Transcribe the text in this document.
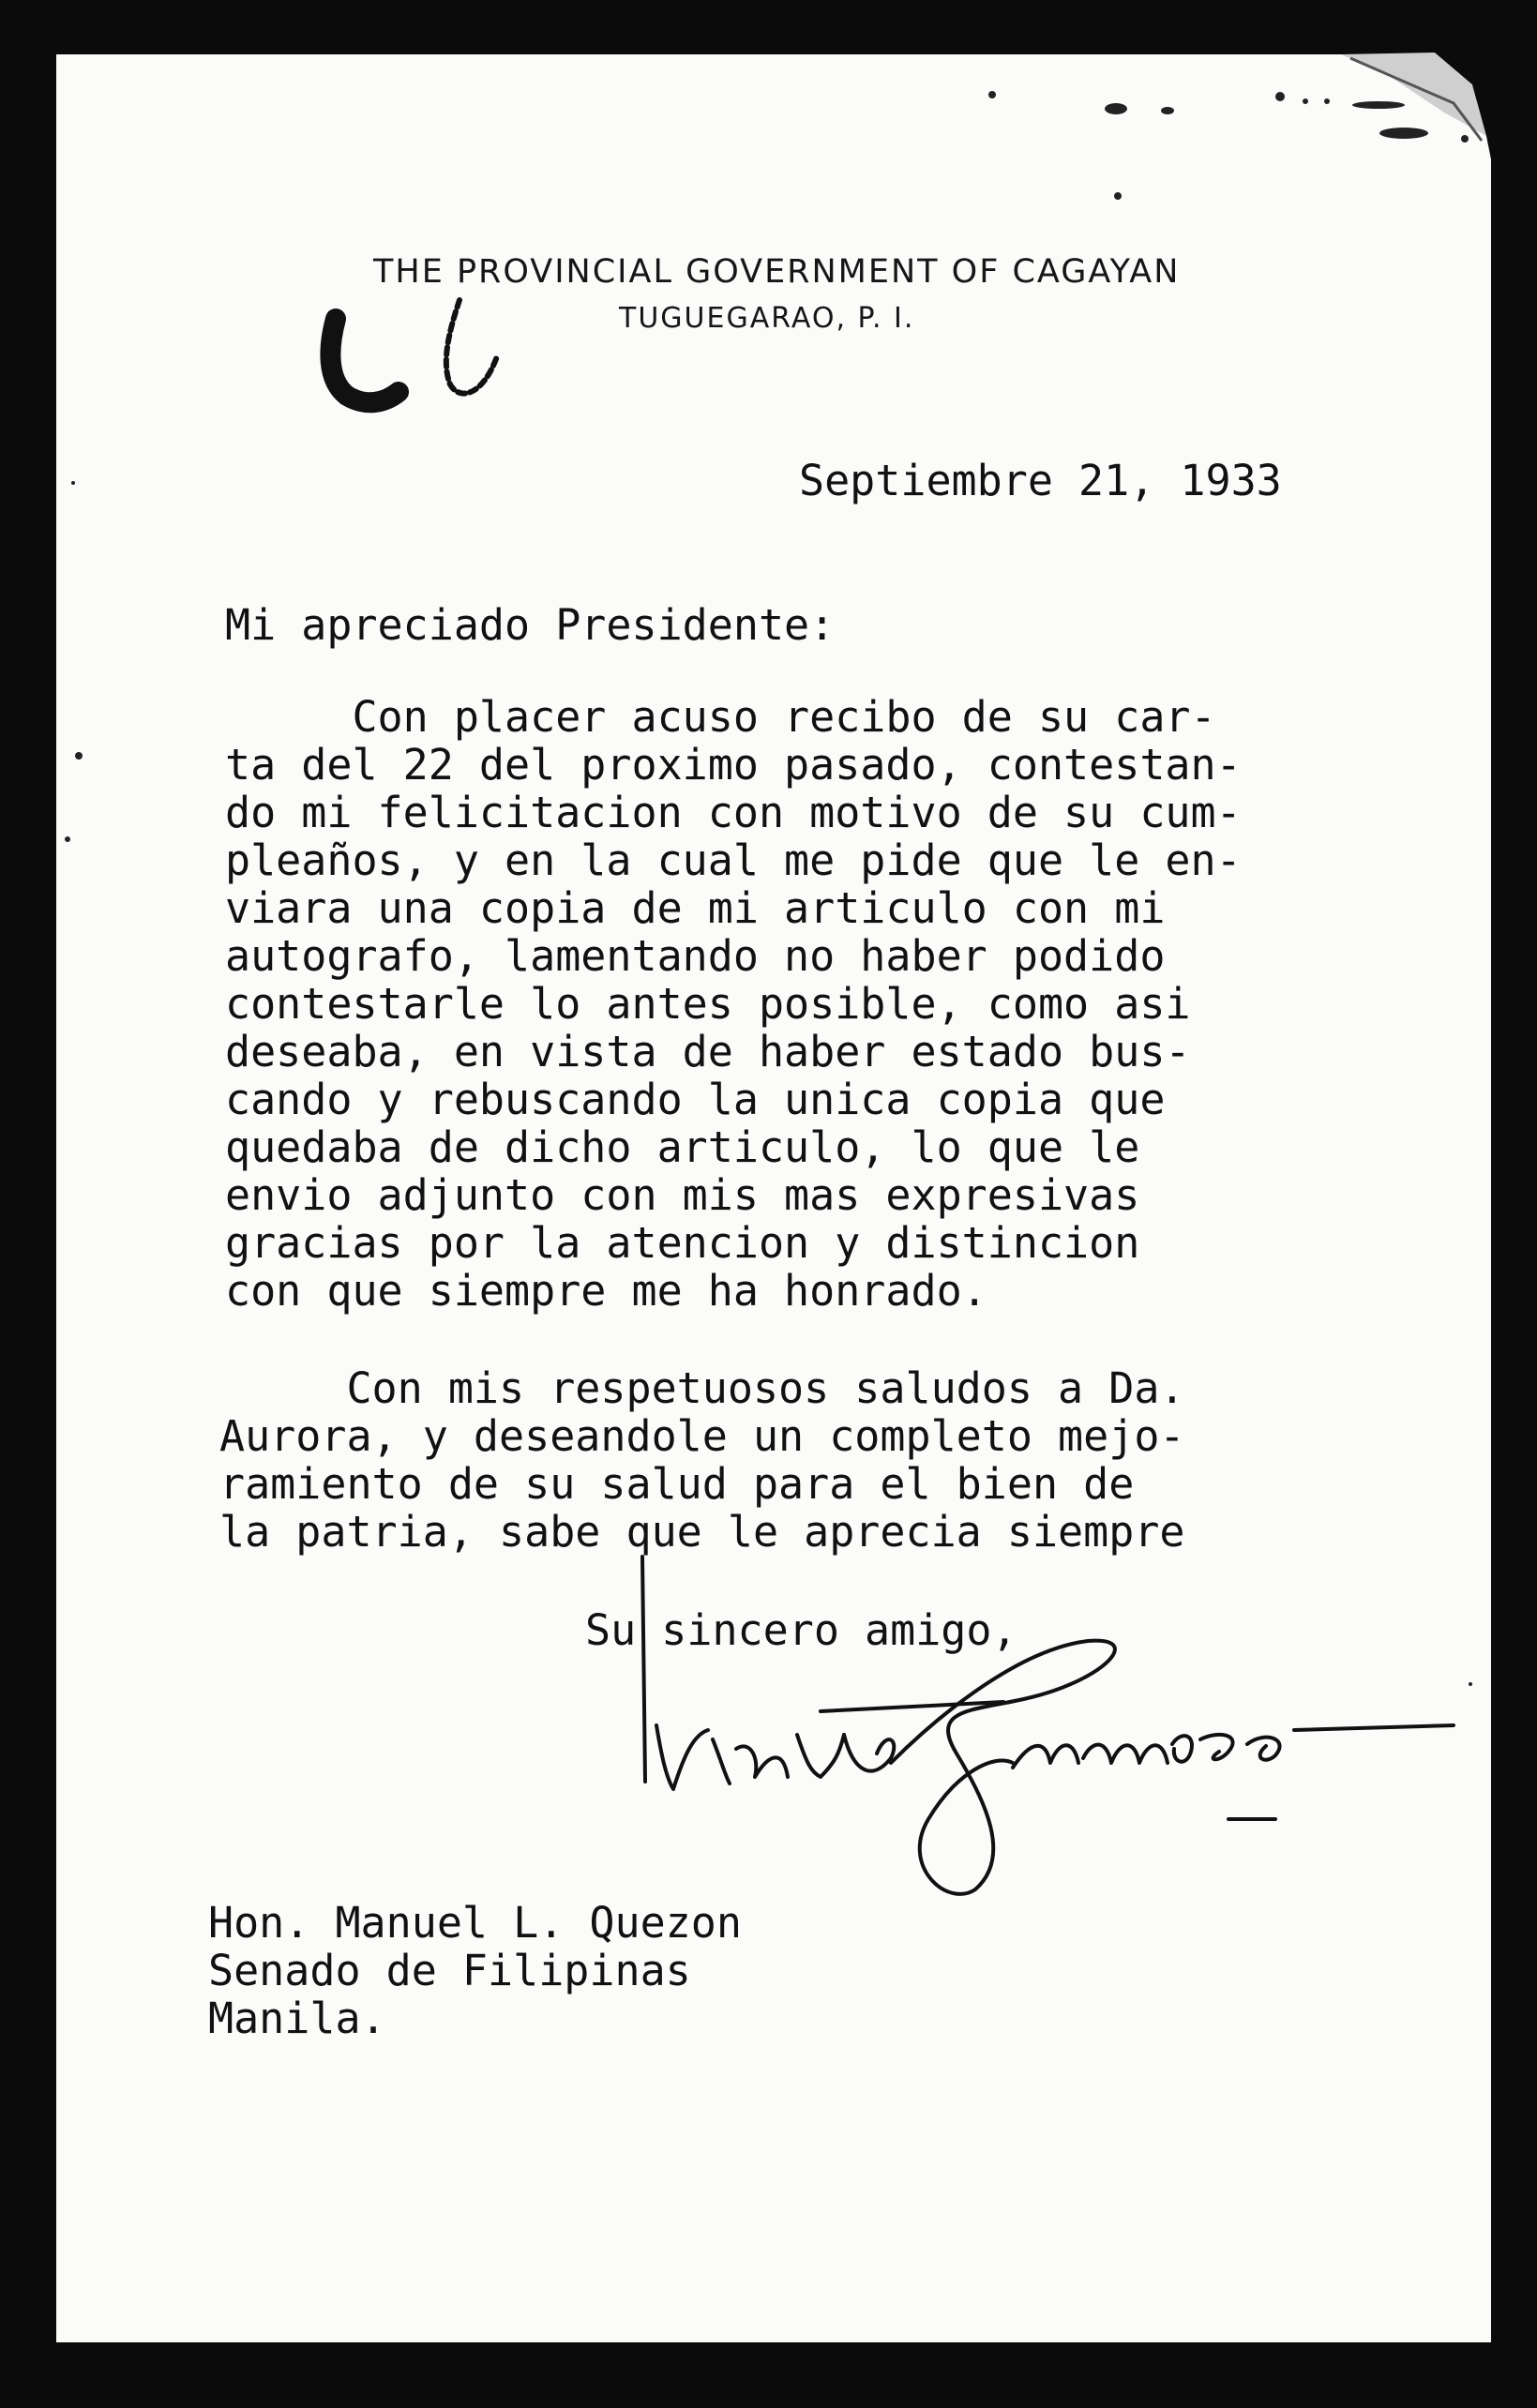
THE PROVINCIAL GOVERNMENT OF CAGAYAN
TUGUEGARAO, P. I.
Septiembre 21, 1933
Mi apreciado Presidente:

Con placer acuso recibo de su car-

ta del 22 del proximo pasado, contestan-

do mi felicitacion con motivo de su cum-

pleaños, y en la cual me pide que le en-

viara una copia de mi articulo con mi

autografo, lamentando no haber podido

contestarle lo antes posible, como asi

deseaba, en vista de haber estado bus-

cando y rebuscando la unica copia que

quedaba de dicho articulo, lo que le

envio adjunto con mis mas expresivas

gracias por la atencion y distincion

con que siempre me ha honrado.

Con mis respetuosos saludos a Da.

Aurora, y deseandole un completo mejo-

ramiento de su salud para el bien de

la patria, sabe que le aprecia siempre

Su sincero amigo,

Hon. Manuel L. Quezon

Senado de Filipinas

Manila.
